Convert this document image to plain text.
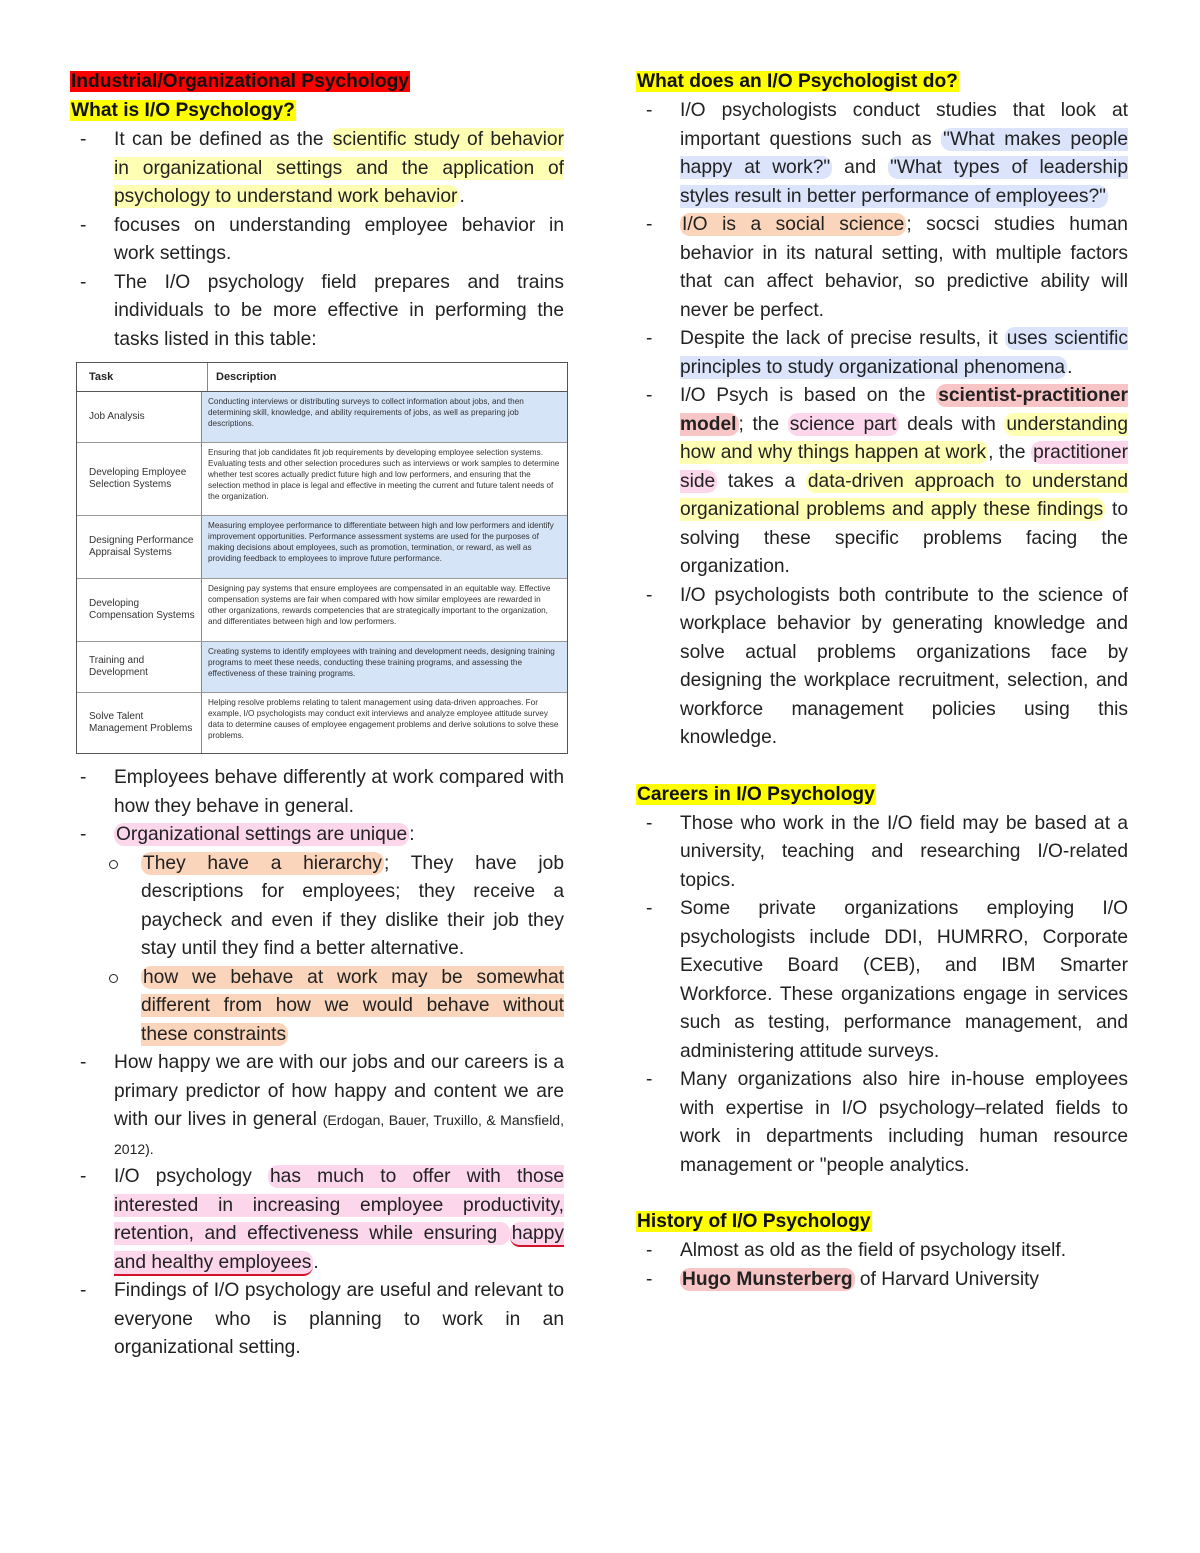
Industrial/Organizational Psychology
What is I/O Psychology?
- It can be defined as the scientific study of behavior in organizational settings and the application of psychology to understand work behavior .
- focuses on understanding employee behavior in work settings.
- The I/O psychology field prepares and trains individuals to be more effective in performing the tasks listed in this table:
Task	Description
Job Analysis
Conducting interviews or distributing surveys to collect information about jobs, and then determining skill, knowledge, and ability requirements of jobs, as well as preparing job descriptions.
Developing Employee Selection Systems
Ensuring that job candidates fit job requirements by developing employee selection systems. Evaluating tests and other selection procedures such as interviews or work samples to determine whether test scores actually predict future high and low performers, and ensuring that the selection method in place is legal and effective in meeting the current and future talent needs of the organization.
Designing Performance Appraisal Systems
Measuring employee performance to differentiate between high and low performers and identify improvement opportunities. Performance assessment systems are used for the purposes of making decisions about employees, such as promotion, termination, or reward, as well as providing feedback to employees to improve future performance.
Developing Compensation Systems
Designing pay systems that ensure employees are compensated in an equitable way. Effective compensation systems are fair when compared with how similar employees are rewarded in other organizations, rewards competencies that are strategically important to the organization, and differentiates between high and low performers.
Training and Development
Creating systems to identify employees with training and development needs, designing training programs to meet these needs, conducting these training programs, and assessing the effectiveness of these training programs.
Solve Talent Management Problems
Helping resolve problems relating to talent management using data-driven approaches. For example, I/O psychologists may conduct exit interviews and analyze employee attitude survey data to determine causes of employee engagement problems and derive solutions to solve these problems.
- Employees behave differently at work compared with how they behave in general.
- Organizational settings are unique :
They have a hierarchy ; They have job descriptions for employees; they receive a paycheck and even if they dislike their job they stay until they find a better alternative.
how we behave at work may be somewhat different from how we would behave without these constraints
- How happy we are with our jobs and our careers is a primary predictor of how happy and content we are with our lives in general (Erdogan, Bauer, Truxillo, & Mansfield, 2012).
- I/O psychology has much to offer with those interested in increasing employee productivity, retention, and effectiveness while ensuring happy and healthy employees .
- Findings of I/O psychology are useful and relevant to everyone who is planning to work in an organizational setting.
What does an I/O Psychologist do?
- I/O psychologists conduct studies that look at important questions such as "What makes people happy at work?" and "What types of leadership styles result in better performance of employees?"
- I/O is a social science ; socsci studies human behavior in its natural setting, with multiple factors that can affect behavior, so predictive ability will never be perfect.
- Despite the lack of precise results, it uses scientific principles to study organizational phenomena .
- I/O Psych is based on the scientist-practitioner model ; the science part deals with understanding how and why things happen at work , the practitioner side takes a data-driven approach to understand organizational problems and apply these findings to solving these specific problems facing the organization.
- I/O psychologists both contribute to the science of workplace behavior by generating knowledge and solve actual problems organizations face by designing the workplace recruitment, selection, and workforce management policies using this knowledge.
Careers in I/O Psychology
- Those who work in the I/O field may be based at a university, teaching and researching I/O-related topics.
- Some private organizations employing I/O psychologists include DDI, HUMRRO, Corporate Executive Board (CEB), and IBM Smarter Workforce. These organizations engage in services such as testing, performance management, and administering attitude surveys.
- Many organizations also hire in-house employees with expertise in I/O psychology–related fields to work in departments including human resource management or "people analytics.
History of I/O Psychology
- Almost as old as the field of psychology itself.
- Hugo Munsterberg of Harvard University
